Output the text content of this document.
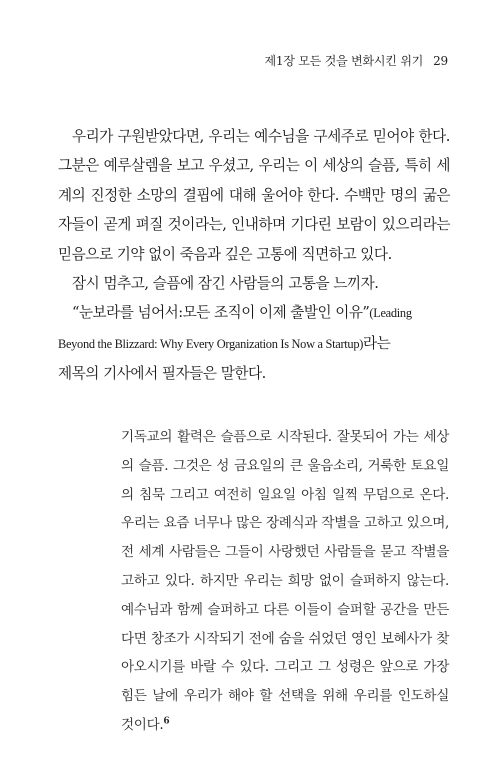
제1장 모든 것을 변화시킨 위기 29

우리가 구원받았다면, 우리는 예수님을 구세주로 믿어야 한다. 그분은 예루살렘을 보고 우셨고, 우리는 이 세상의 슬픔, 특히 세계의 진정한 소망의 결핍에 대해 울어야 한다. 수백만 명의 굶은 자들이 곧게 펴질 것이라는, 인내하며 기다린 보람이 있으리라는 믿음으로 기약 없이 죽음과 깊은 고통에 직면하고 있다.

잠시 멈추고, 슬픔에 잠긴 사람들의 고통을 느끼자.

“눈보라를 넘어서:모든 조직이 이제 출발인 이유”(Leading

Beyond the Blizzard: Why Every Organization Is Now a Startup)라는

제목의 기사에서 필자들은 말한다.

기독교의 활력은 슬픔으로 시작된다. 잘못되어 가는 세상의 슬픔. 그것은 성 금요일의 큰 울음소리, 거룩한 토요일의 침묵 그리고 여전히 일요일 아침 일찍 무덤으로 온다.우리는 요즘 너무나 많은 장례식과 작별을 고하고 있으며, 전 세계 사람들은 그들이 사랑했던 사람들을 묻고 작별을 고하고 있다. 하지만 우리는 희망 없이 슬퍼하지 않는다. 예수님과 함께 슬퍼하고 다른 이들이 슬퍼할 공간을 만든다면 창조가 시작되기 전에 숨을 쉬었던 영인 보혜사가 찾아오시기를 바랄 수 있다. 그리고 그 성령은 앞으로 가장 힘든 날에 우리가 해야 할 선택을 위해 우리를 인도하실 것이다.$^6$
